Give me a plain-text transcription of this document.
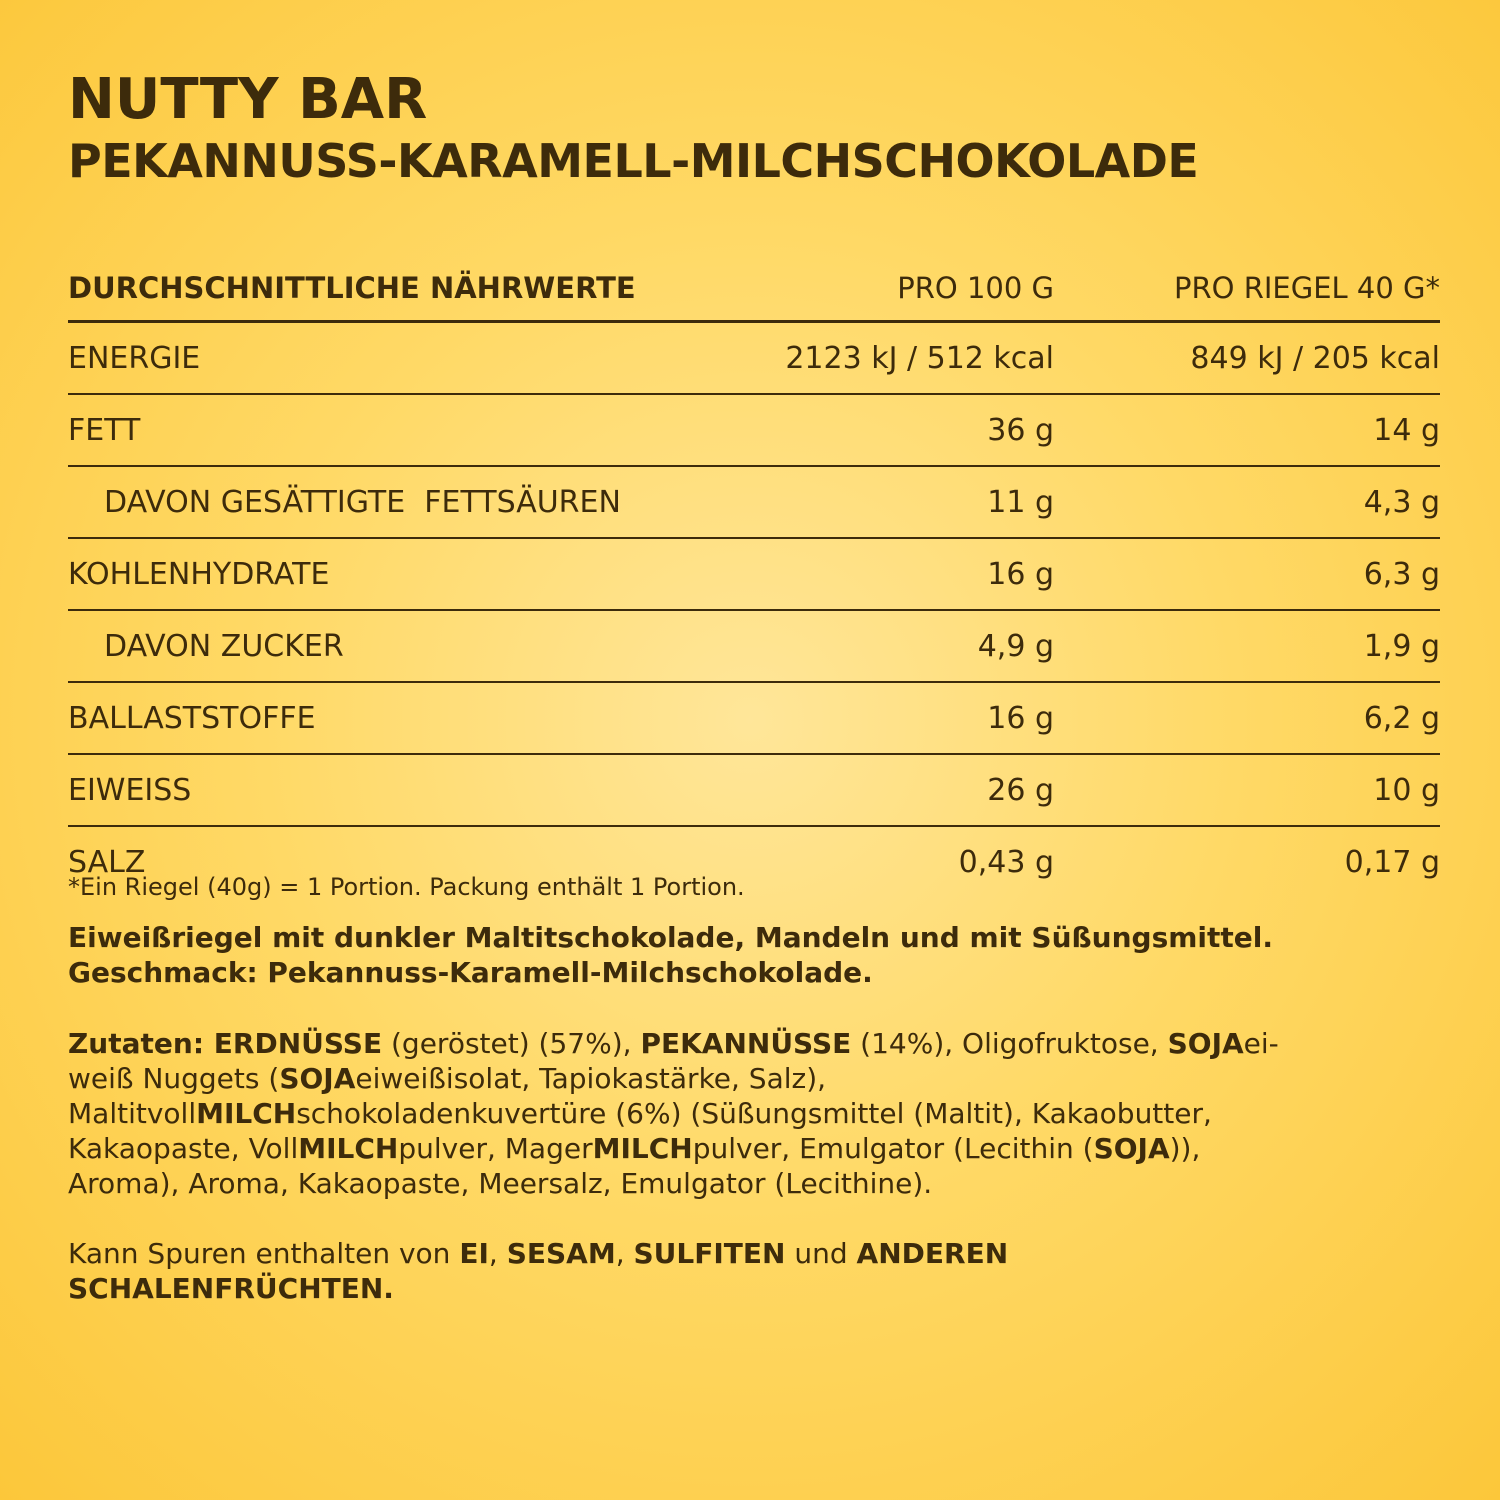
NUTTY BAR
PEKANNUSS-KARAMELL-MILCHSCHOKOLADE
DURCHSCHNITTLICHE NÄHRWERTE	PRO 100 G	PRO RIEGEL 40 G*
ENERGIE	2123 kJ / 512 kcal	849 kJ / 205 kcal
FETT	36 g	14 g
DAVON GESÄTTIGTE  FETTSÄUREN	11 g	4,3 g
KOHLENHYDRATE	16 g	6,3 g
DAVON ZUCKER	4,9 g	1,9 g
BALLASTSTOFFE	16 g	6,2 g
EIWEISS	26 g	10 g
SALZ	0,43 g	0,17 g
*Ein Riegel (40g) = 1 Portion. Packung enthält 1 Portion.

Eiweißriegel mit dunkler Maltitschokolade, Mandeln und mit Süßungsmittel.
Geschmack: Pekannuss-Karamell-Milchschokolade.

Zutaten: ERDNÜSSE (geröstet) (57%), PEKANNÜSSE (14%), Oligofruktose, SOJAei-
weiß Nuggets (SOJAeiweißisolat, Tapiokastärke, Salz),
MaltitvollMILCHschokoladenkuvertüre (6%) (Süßungsmittel (Maltit), Kakaobutter,
Kakaopaste, VollMILCHpulver, MagerMILCHpulver, Emulgator (Lecithin (SOJA)),
Aroma), Aroma, Kakaopaste, Meersalz, Emulgator (Lecithine).

Kann Spuren enthalten von EI, SESAM, SULFITEN und ANDEREN
SCHALENFRÜCHTEN.
